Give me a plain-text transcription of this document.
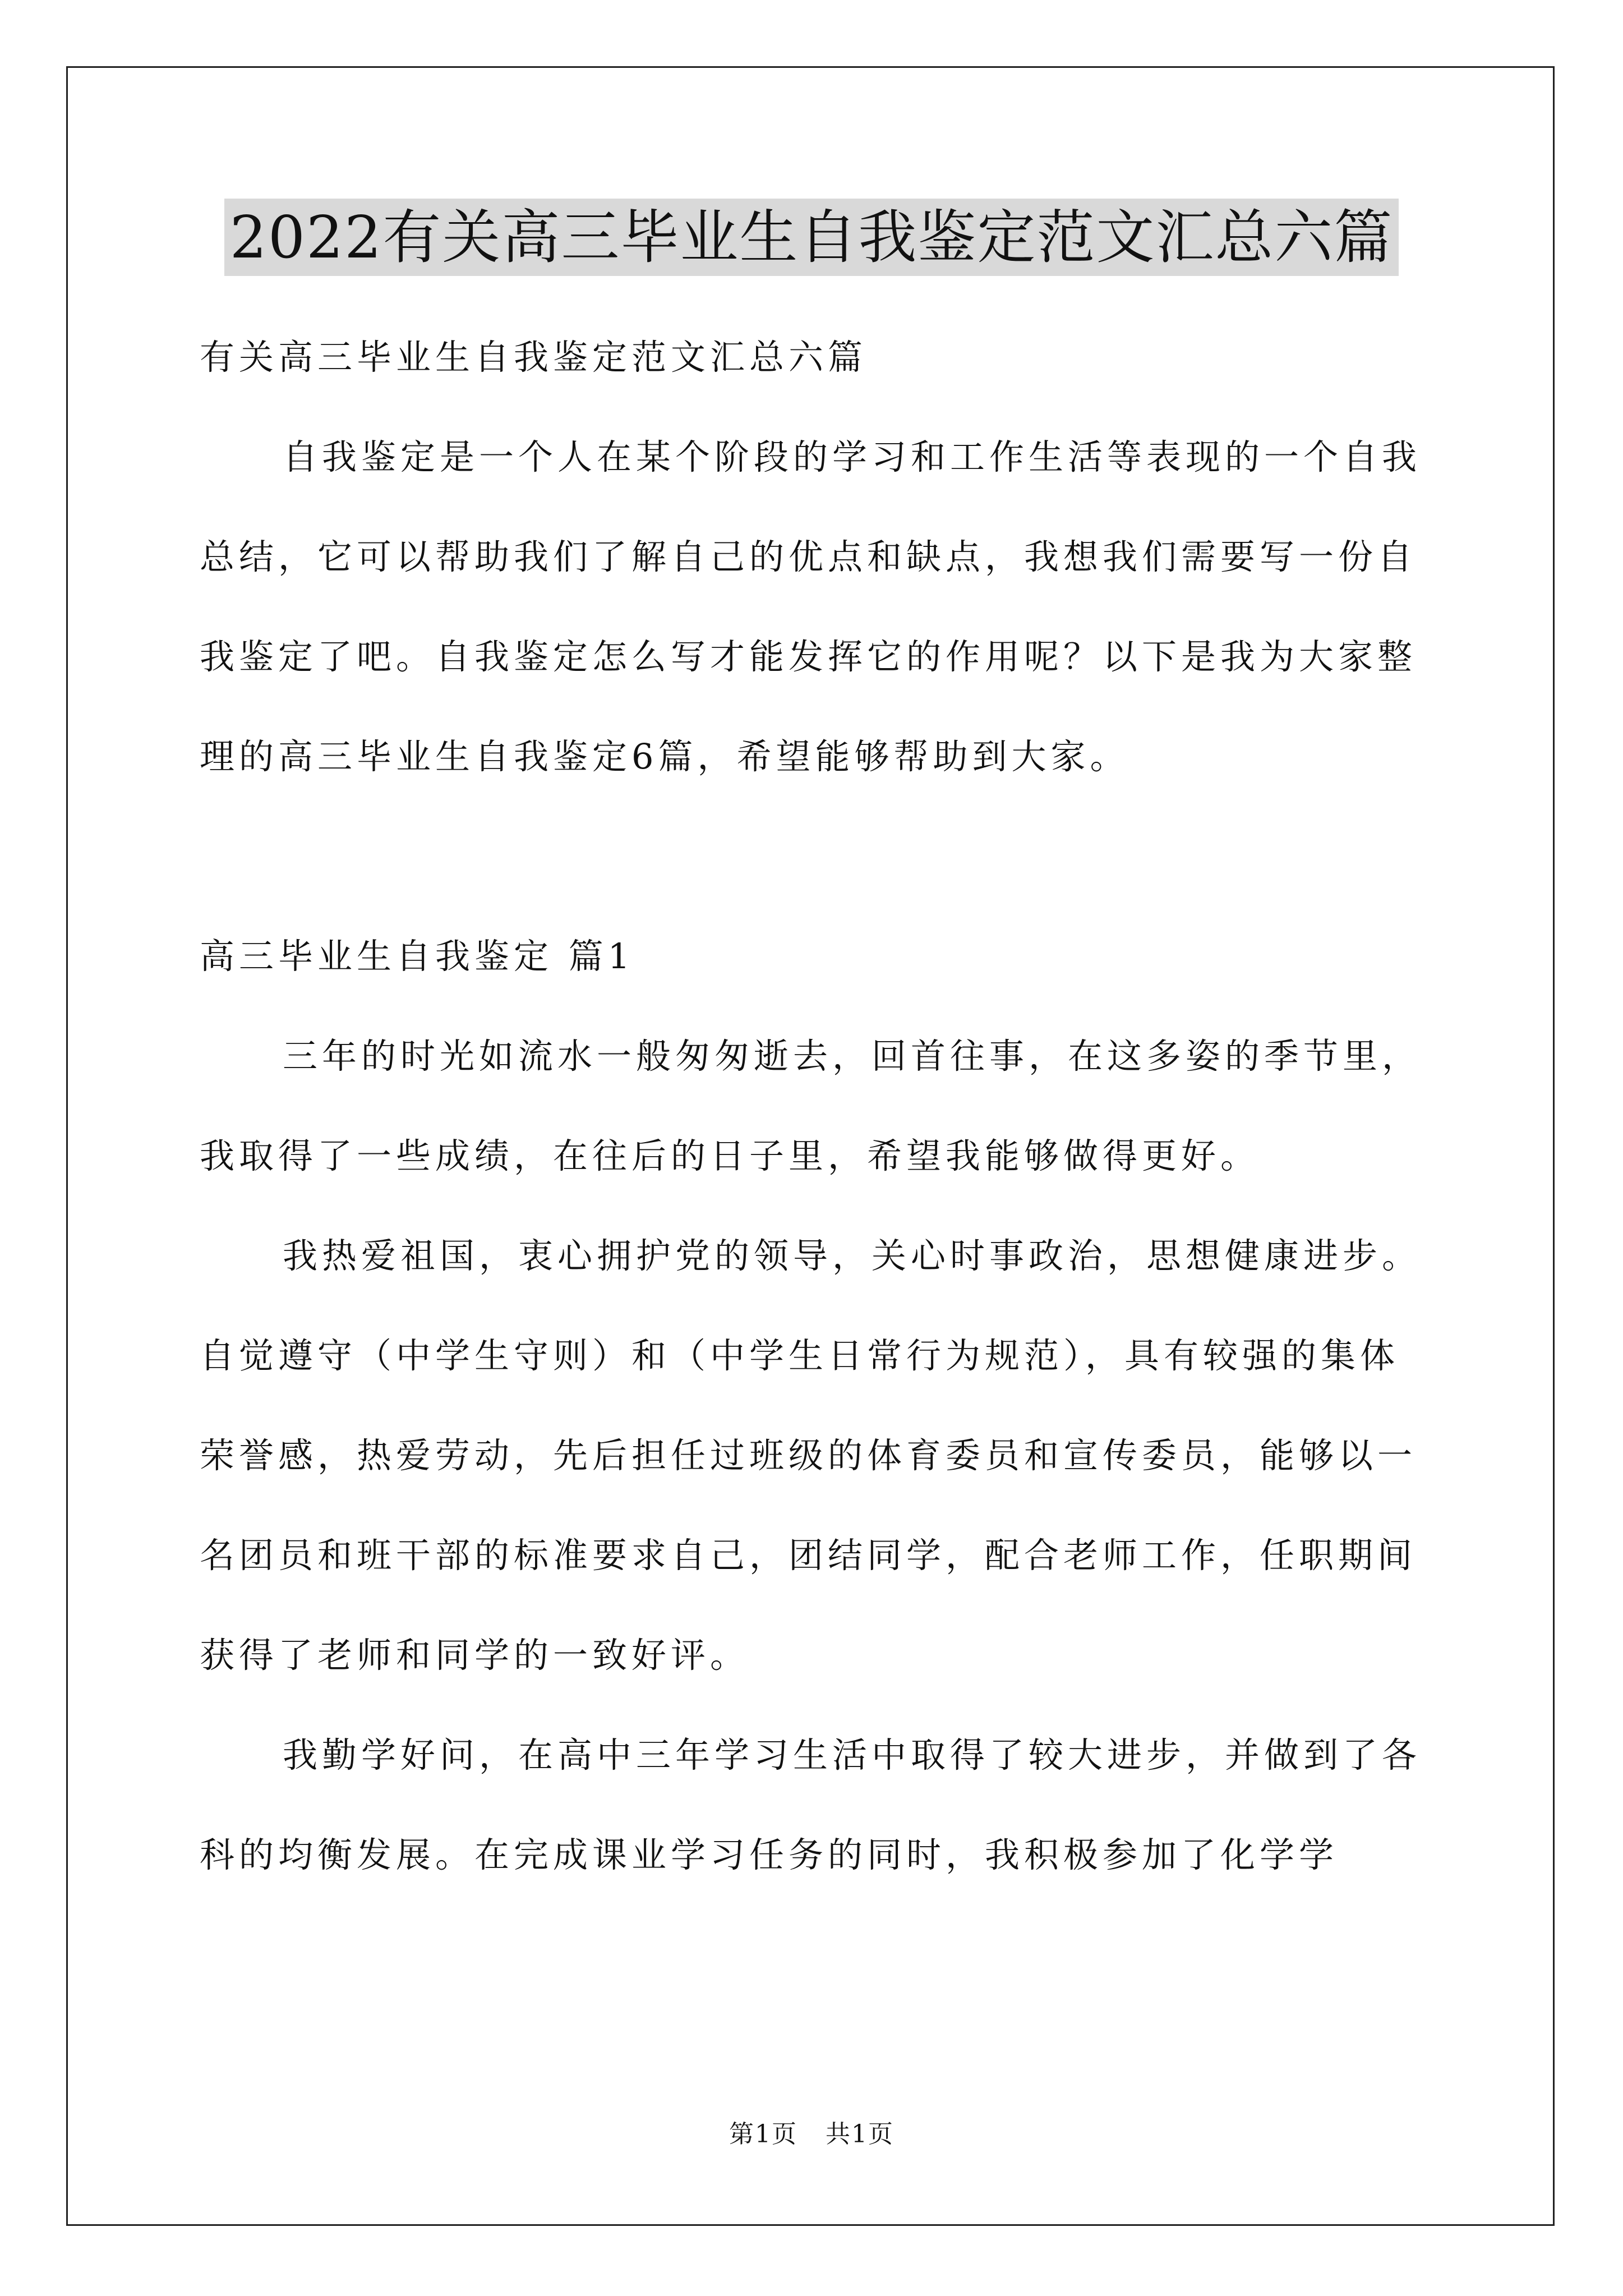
2022有关高三毕业生自我鉴定范文汇总六篇

有关高三毕业生自我鉴定范文汇总六篇

自我鉴定是一个人在某个阶段的学习和工作生活等表现的一个自我总结，它可以帮助我们了解自己的优点和缺点，我想我们需要写一份自我鉴定了吧。自我鉴定怎么写才能发挥它的作用呢？以下是我为大家整理的高三毕业生自我鉴定6篇，希望能够帮助到大家。

高三毕业生自我鉴定 篇1

三年的时光如流水一般匆匆逝去，回首往事，在这多姿的季节里，我取得了一些成绩，在往后的日子里，希望我能够做得更好。

我热爱祖国，衷心拥护党的领导，关心时事政治，思想健康进步。自觉遵守（中学生守则）和（中学生日常行为规范），具有较强的集体荣誉感，热爱劳动，先后担任过班级的体育委员和宣传委员，能够以一名团员和班干部的标准要求自己，团结同学，配合老师工作，任职期间获得了老师和同学的一致好评。

我勤学好问，在高中三年学习生活中取得了较大进步，并做到了各科的均衡发展。在完成课业学习任务的同时，我积极参加了化学学

第1页 共1页
